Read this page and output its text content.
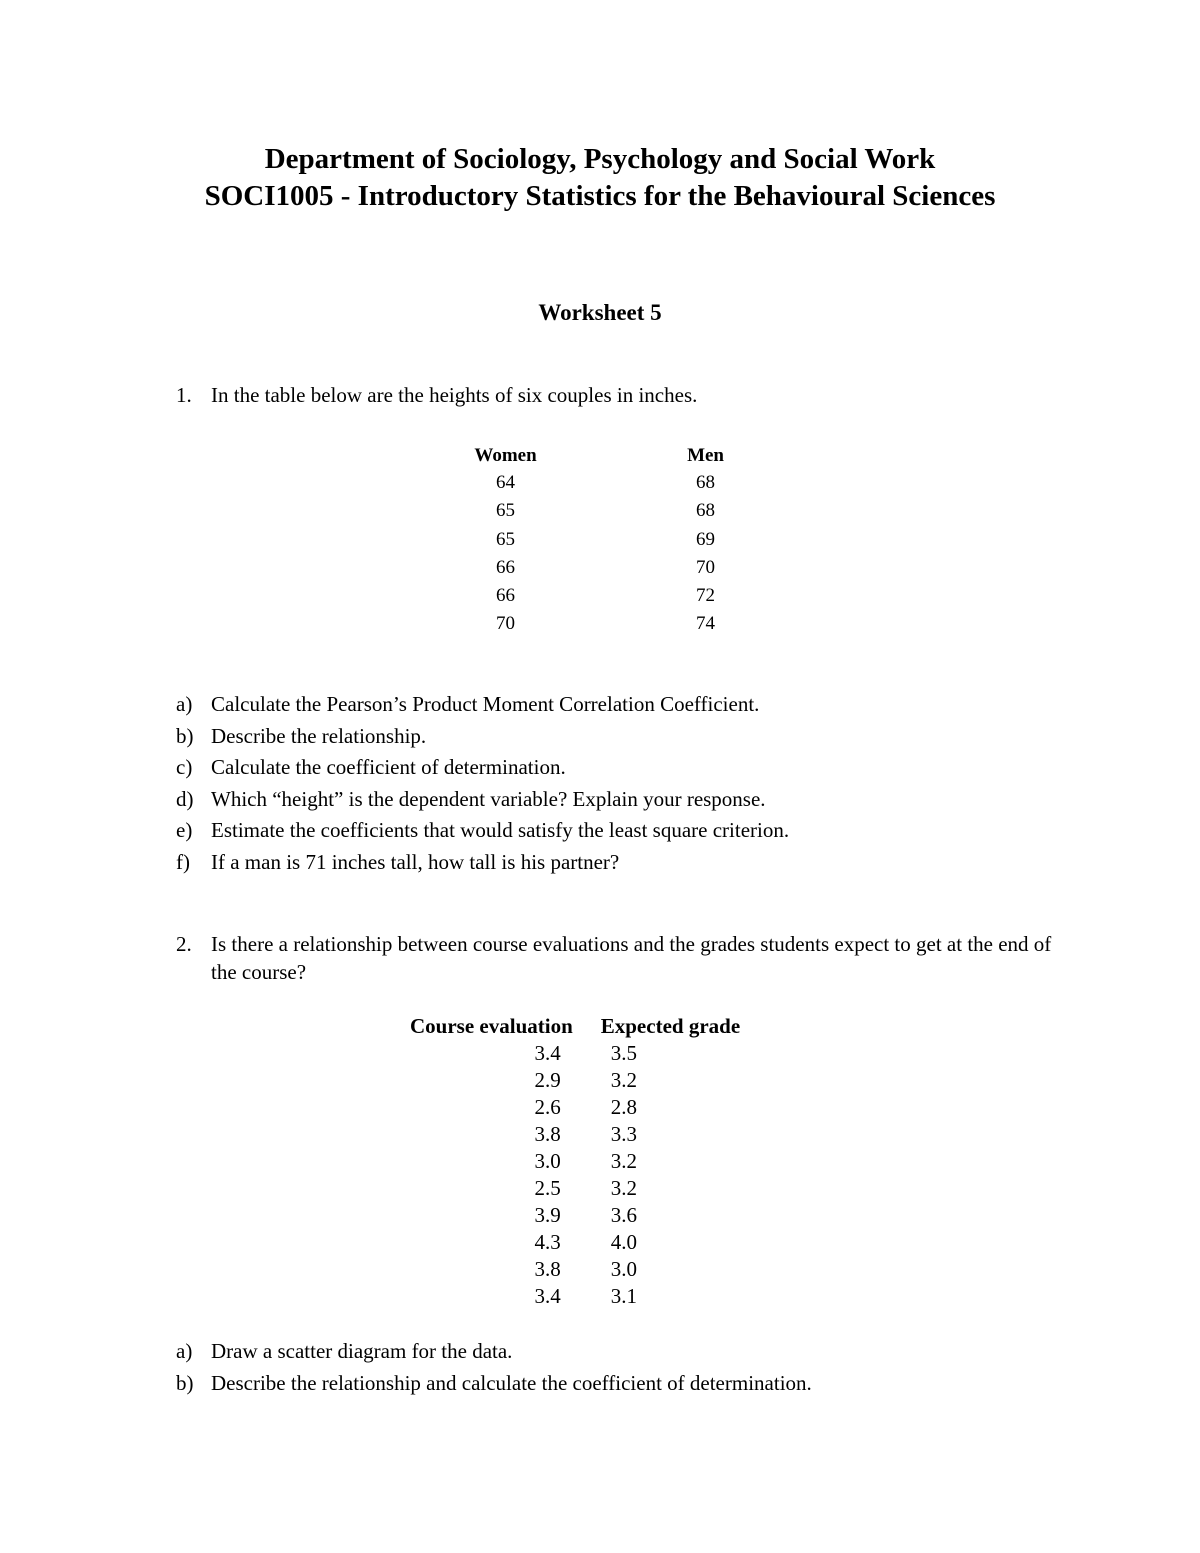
Department of Sociology, Psychology and Social Work
SOCI1005 - Introductory Statistics for the Behavioural Sciences
Worksheet 5
1. In the table below are the heights of six couples in inches.
Women	Men
64	68
65	68
65	69
66	70
66	72
70	74
a) Calculate the Pearson’s Product Moment Correlation Coefficient.
b) Describe the relationship.
c) Calculate the coefficient of determination.
d) Which “height” is the dependent variable? Explain your response.
e) Estimate the coefficients that would satisfy the least square criterion.
f) If a man is 71 inches tall, how tall is his partner?
2. Is there a relationship between course evaluations and the grades students expect to get at the end of the course?
Course evaluation	Expected grade
3.4	3.5
2.9	3.2
2.6	2.8
3.8	3.3
3.0	3.2
2.5	3.2
3.9	3.6
4.3	4.0
3.8	3.0
3.4	3.1
a) Draw a scatter diagram for the data.
b) Describe the relationship and calculate the coefficient of determination.
